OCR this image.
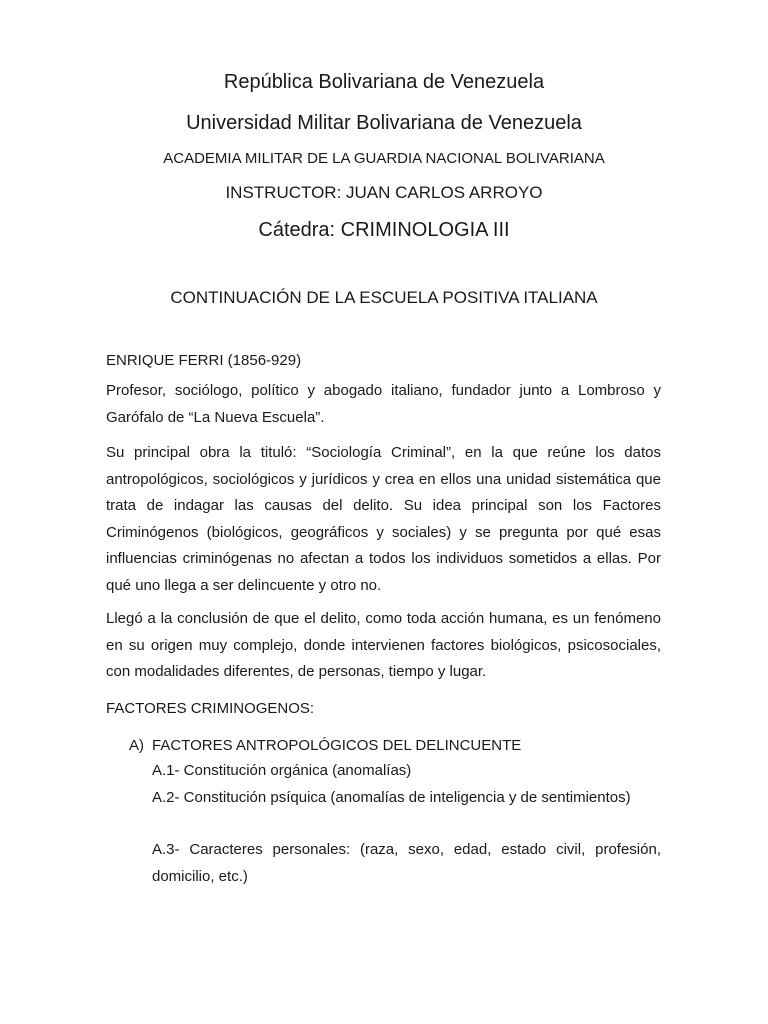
República Bolivariana de Venezuela
Universidad Militar Bolivariana de Venezuela
ACADEMIA MILITAR DE LA GUARDIA NACIONAL BOLIVARIANA
INSTRUCTOR: JUAN CARLOS ARROYO
Cátedra: CRIMINOLOGIA III
CONTINUACIÓN DE LA ESCUELA POSITIVA ITALIANA
ENRIQUE FERRI (1856-929)
Profesor, sociólogo, político y abogado italiano, fundador junto a Lombroso y Garófalo de “La Nueva Escuela”.
Su principal obra la tituló: “Sociología Criminal”, en la que reúne los datos antropológicos, sociológicos y jurídicos y crea en ellos una unidad sistemática que trata de indagar las causas del delito. Su idea principal son los Factores Criminógenos (biológicos, geográficos y sociales) y se pregunta por qué esas influencias criminógenas no afectan a todos los individuos sometidos a ellas. Por qué uno llega a ser delincuente y otro no.
Llegó a la conclusión de que el delito, como toda acción humana, es un fenómeno en su origen muy complejo, donde intervienen factores biológicos, psicosociales, con modalidades diferentes, de personas, tiempo y lugar.
FACTORES CRIMINOGENOS:
A) FACTORES ANTROPOLÓGICOS DEL DELINCUENTE
A.1- Constitución orgánica (anomalías)
A.2- Constitución psíquica (anomalías de inteligencia y de sentimientos)
A.3- Caracteres personales: (raza, sexo, edad, estado civil, profesión, domicilio, etc.)
